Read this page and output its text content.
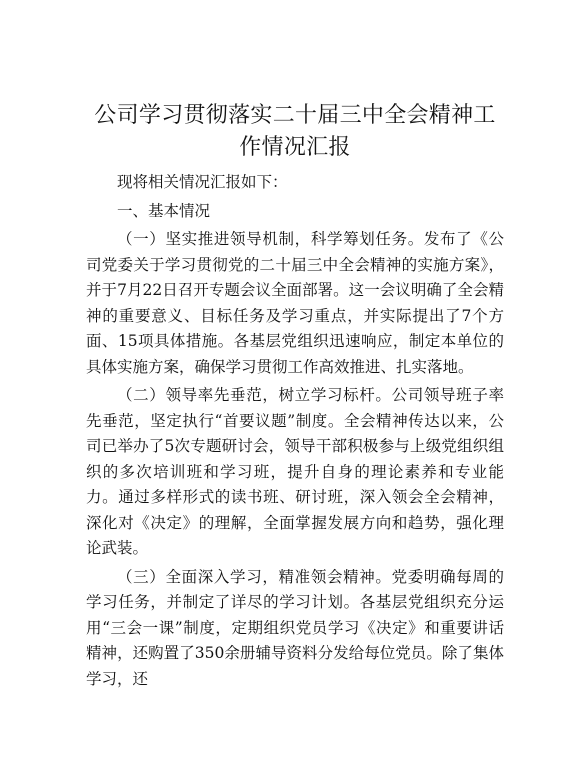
公司学习贯彻落实二十届三中全会精神工作情况汇报

现将相关情况汇报如下：

一、基本情况

（一）坚实推进领导机制，科学筹划任务。发布了《公司党委关于学习贯彻党的二十届三中全会精神的实施方案》，并于7月22日召开专题会议全面部署。这一会议明确了全会精神的重要意义、目标任务及学习重点，并实际提出了7个方面、15项具体措施。各基层党组织迅速响应，制定本单位的具体实施方案，确保学习贯彻工作高效推进、扎实落地。

（二）领导率先垂范，树立学习标杆。公司领导班子率先垂范，坚定执行“首要议题”制度。全会精神传达以来，公司已举办了5次专题研讨会，领导干部积极参与上级党组织组织的多次培训班和学习班，提升自身的理论素养和专业能力。通过多样形式的读书班、研讨班，深入领会全会精神，深化对《决定》的理解，全面掌握发展方向和趋势，强化理论武装。

（三）全面深入学习，精准领会精神。党委明确每周的学习任务，并制定了详尽的学习计划。各基层党组织充分运用“三会一课”制度，定期组织党员学习《决定》和重要讲话精神，还购置了350余册辅导资料分发给每位党员。除了集体学习，还
